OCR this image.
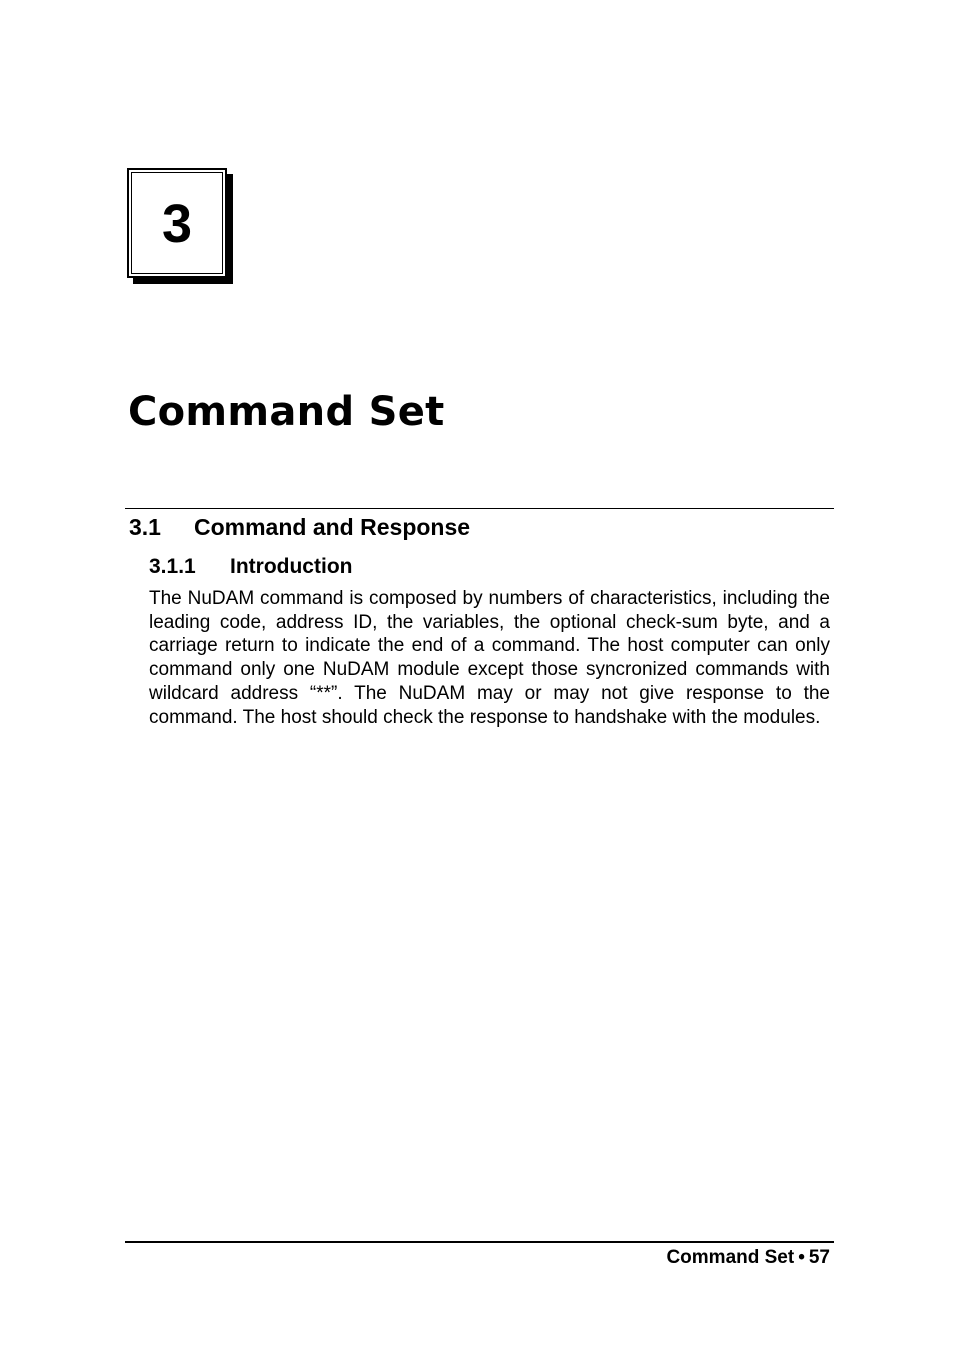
3
Command Set
3.1 Command and Response
3.1.1 Introduction

The NuDAM command is composed by numbers of characteristics, including the leading code, address ID, the variables, the optional check-sum byte, and a carriage return to indicate the end of a command. The host computer can only command only one NuDAM module except those syncronized commands with wildcard address “**”. The NuDAM may or may not give response to the command. The host should check the response to handshake with the modules.

Command Set • 57
